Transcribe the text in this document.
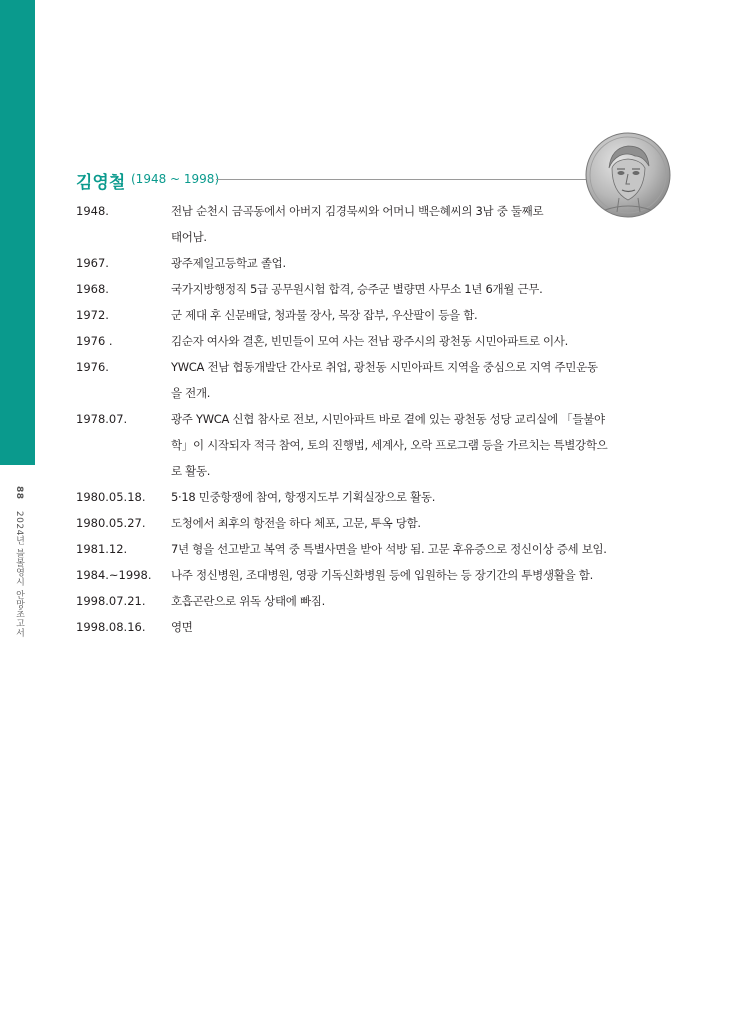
88 2024년 블볼영시 안망초고서
김영철 (1948 ~ 1998)
1948.	전남 순천시 금곡동에서 아버지 김경묵씨와 어머니 백은혜씨의 3남 중 둘째로
태어남.
1967.	광주제일고등학교 졸업.
1968.	국가지방행정직 5급 공무원시험 합격, 승주군 별량면 사무소 1년 6개월 근무.
1972.	군 제대 후 신문배달, 청과물 장사, 목장 잡부, 우산팔이 등을 함.
1976 .	김순자 여사와 결혼, 빈민들이 모여 사는 전남 광주시의 광천동 시민아파트로 이사.
1976.	YWCA 전남 협동개발단 간사로 취업, 광천동 시민아파트 지역을 중심으로 지역 주민운동
을 전개.
1978.07.	광주 YWCA 신협 참사로 전보, 시민아파트 바로 곁에 있는 광천동 성당 교리실에 「들불야
학」이 시작되자 적극 참여, 토의 진행법, 세계사, 오락 프로그램 등을 가르치는 특별강학으
로 활동.
1980.05.18.	5·18 민중항쟁에 참여, 항쟁지도부 기획실장으로 활동.
1980.05.27.	도청에서 최후의 항전을 하다 체포, 고문, 투옥 당함.
1981.12.	7년 형을 선고받고 복역 중 특별사면을 받아 석방 됨. 고문 후유증으로 정신이상 증세 보임.
1984.~1998.	나주 정신병원, 조대병원, 영광 기독신화병원 등에 입원하는 등 장기간의 투병생활을 함.
1998.07.21.	호흡곤란으로 위독 상태에 빠짐.
1998.08.16.	영면
